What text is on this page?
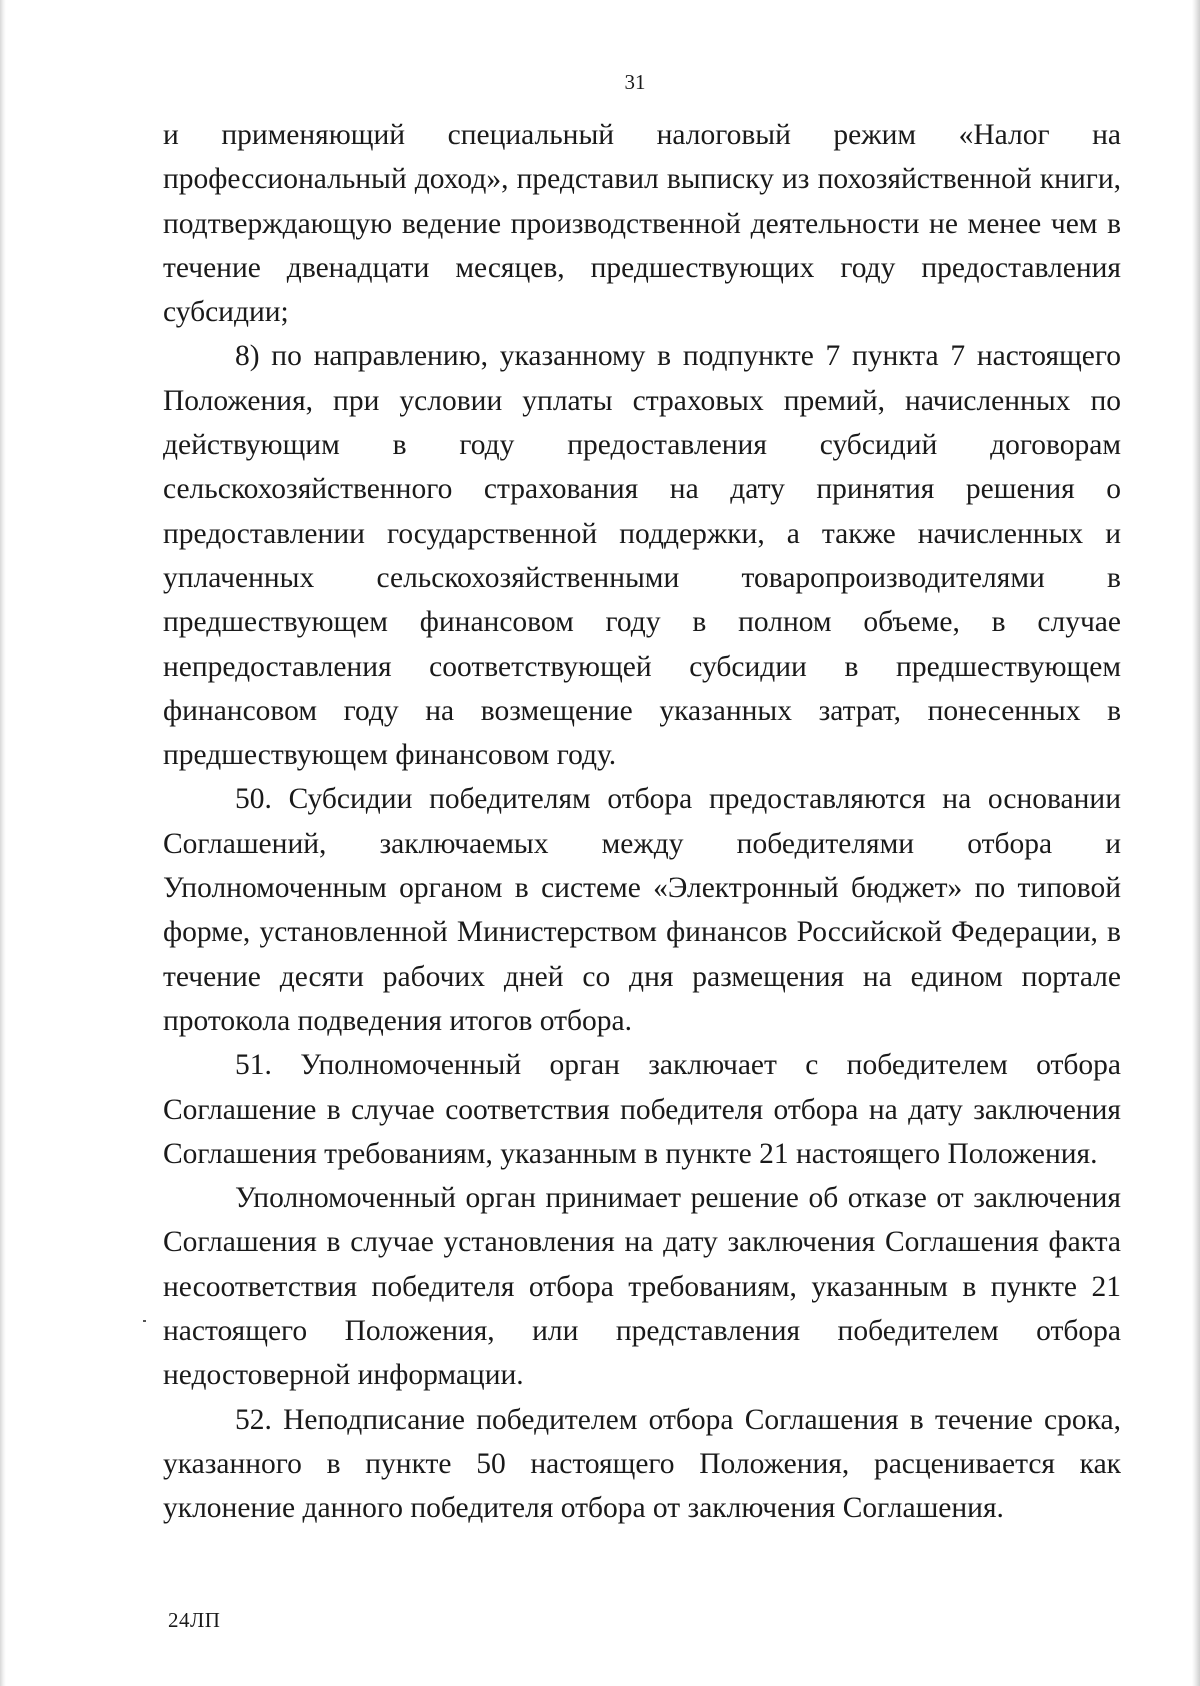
31

и применяющий специальный налоговый режим «Налог на профессиональный доход», представил выписку из похозяйственной книги, подтверждающую ведение производственной деятельности не менее чем в течение двенадцати месяцев, предшествующих году предоставления субсидии;

8) по направлению, указанному в подпункте 7 пункта 7 настоящего Положения, при условии уплаты страховых премий, начисленных по действующим в году предоставления субсидий договорам сельскохозяйственного страхования на дату принятия решения о предоставлении государственной поддержки, а также начисленных и уплаченных сельскохозяйственными товаропроизводителями в предшествующем финансовом году в полном объеме, в случае непредоставления соответствующей субсидии в предшествующем финансовом году на возмещение указанных затрат, понесенных в предшествующем финансовом году.

50. Субсидии победителям отбора предоставляются на основании Соглашений, заключаемых между победителями отбора и Уполномоченным органом в системе «Электронный бюджет» по типовой форме, установленной Министерством финансов Российской Федерации, в течение десяти рабочих дней со дня размещения на едином портале протокола подведения итогов отбора.

51. Уполномоченный орган заключает с победителем отбора Соглашение в случае соответствия победителя отбора на дату заключения Соглашения требованиям, указанным в пункте 21 настоящего Положения.

Уполномоченный орган принимает решение об отказе от заключения Соглашения в случае установления на дату заключения Соглашения факта несоответствия победителя отбора требованиям, указанным в пункте 21 настоящего Положения, или представления победителем отбора недостоверной информации.

52. Неподписание победителем отбора Соглашения в течение срока, указанного в пункте 50 настоящего Положения, расценивается как уклонение данного победителя отбора от заключения Соглашения.

24ЛП
